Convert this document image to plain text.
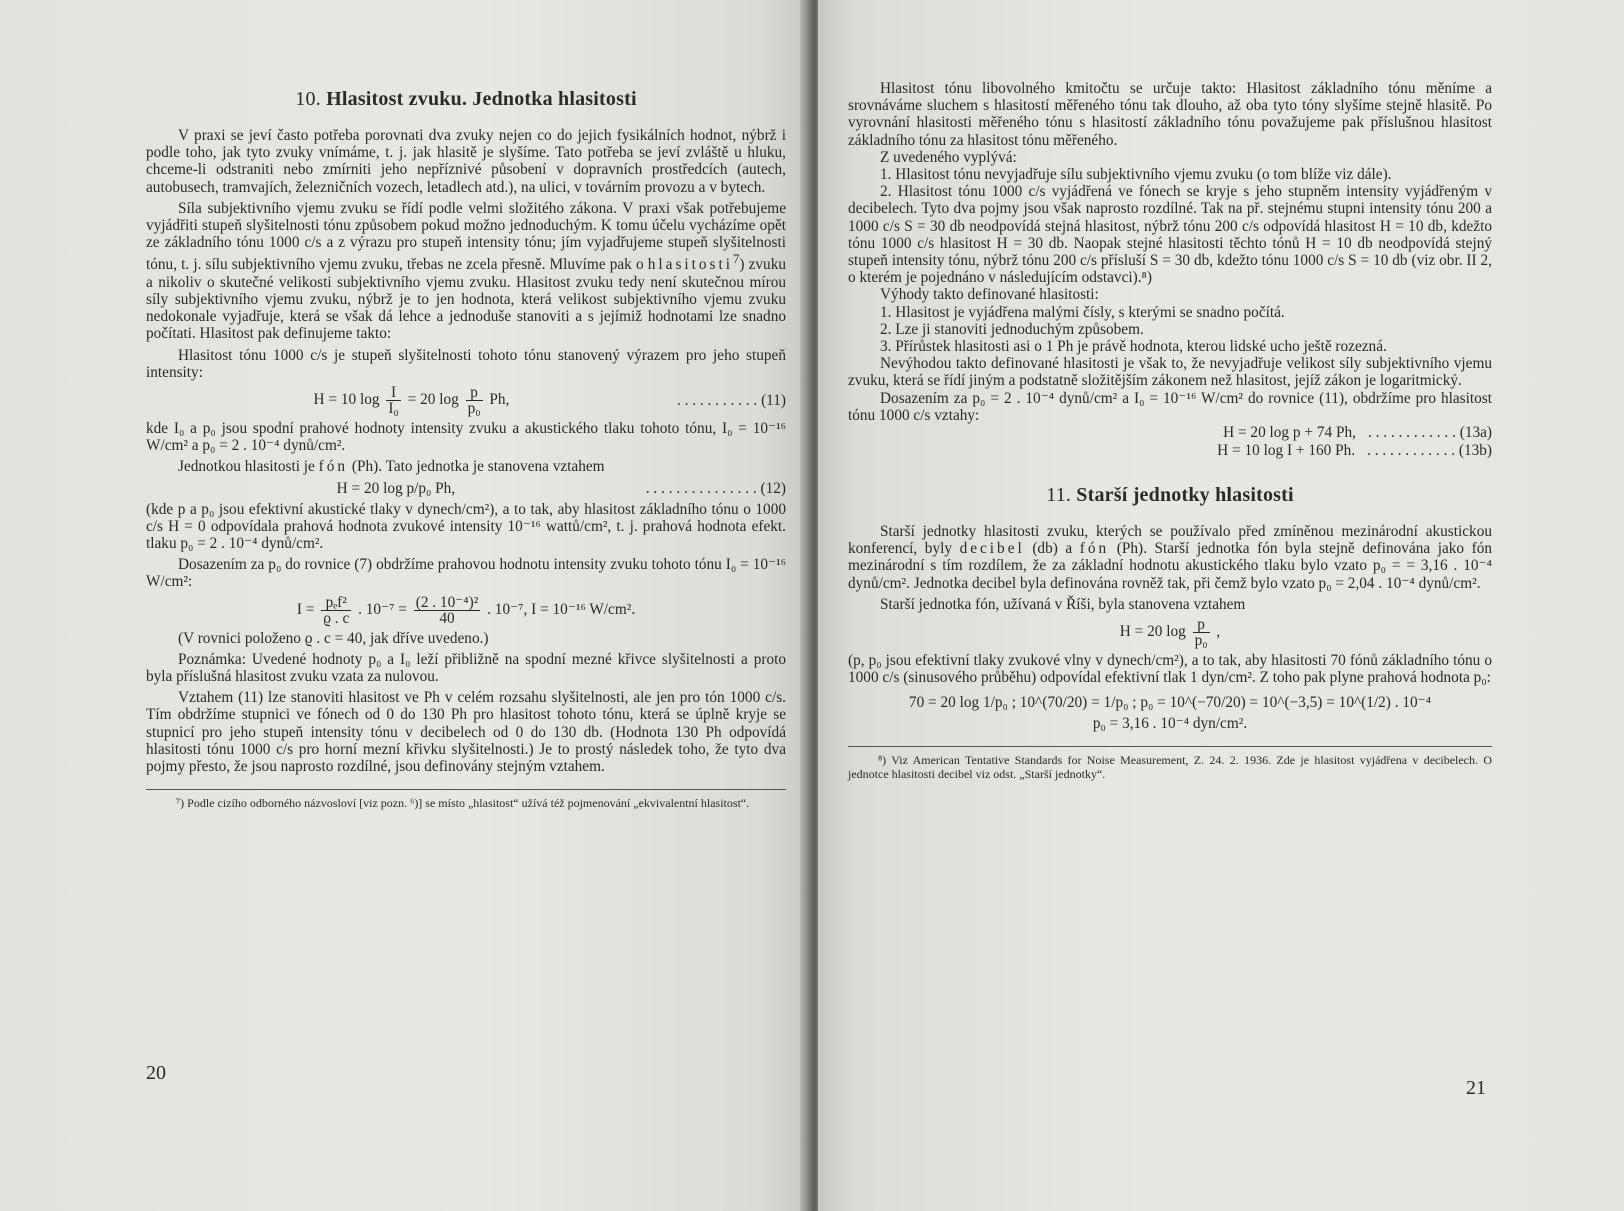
10. Hlasitost zvuku. Jednotka hlasitosti

V praxi se jeví často potřeba porovnati dva zvuky nejen co do jejich fysikálních hodnot, nýbrž i podle toho, jak tyto zvuky vnímáme, t. j. jak hlasitě je slyšíme. Tato potřeba se jeví zvláště u hluku, chceme-li odstraniti nebo zmírniti jeho nepříznivé působení v dopravních prostředcích (autech, autobusech, tramvajích, železničních vozech, letadlech atd.), na ulici, v továrním provozu a v bytech.

Síla subjektivního vjemu zvuku se řídí podle velmi složitého zákona. V praxi však potřebujeme vyjádřiti stupeň slyšitelnosti tónu způsobem pokud možno jednoduchým. K tomu účelu vycházíme opět ze základního tónu 1000 c/s a z výrazu pro stupeň intensity tónu; jím vyjadřujeme stupeň slyšitelnosti tónu, t. j. sílu subjektivního vjemu zvuku, třebas ne zcela přesně. Mluvíme pak o hlasitosti$^7$) zvuku a nikoliv o skutečné velikosti subjektivního vjemu zvuku. Hlasitost zvuku tedy není skutečnou mírou síly subjektivního vjemu zvuku, nýbrž je to jen hodnota, která velikost subjektivního vjemu zvuku nedokonale vyjadřuje, která se však dá lehce a jednoduše stanoviti a s jejímiž hodnotami lze snadno počítati. Hlasitost pak definujeme takto:

Hlasitost tónu 1000 c/s je stupeň slyšitelnosti tohoto tónu stanovený výrazem pro jeho stupeň intensity:

H = 10 $\log \frac{I}{\text{I₀}} = 20$ $\log \frac{p}{\text{p₀}} Ph$,	. . . . . . . . . . . (11)

kde I₀ a p₀ jsou spodní prahové hodnoty intensity zvuku a akustického tlaku tohoto tónu, I₀ = 10⁻¹⁶ W/cm² a p₀ = 2 . 10⁻⁴ dynů/cm².

Jednotkou hlasitosti je fón (Ph). Tato jednotka je stanovena vztahem

H = 20 log p/p₀ Ph,	. . . . . . . . . . . . . . . (12)

(kde p a p₀ jsou efektivní akustické tlaky v dynech/cm²), a to tak, aby hlasitost základního tónu o 1000 c/s H = 0 odpovídala prahová hodnota zvukové intensity 10⁻¹⁶ wattů/cm², t. j. prahová hodnota efekt. tlaku p₀ = 2 . 10⁻⁴ dynů/cm².

Dosazením za p₀ do rovnice (7) obdržíme prahovou hodnotu intensity zvuku tohoto tónu I₀ = 10⁻¹⁶ W/cm²:

$I = \frac{\text{pₑf²}}{ϱ . c}$ . $10^{-7} = \frac{\text{(2 . 10⁻⁴)²}}{40}$ . 10⁻⁷, I = 10⁻¹⁶ W/cm².

(V rovnici položeno ϱ . c = 40, jak dříve uvedeno.)

Poznámka: Uvedené hodnoty p₀ a I₀ leží přibližně na spodní mezné křivce slyšitelnosti a proto byla příslušná hlasitost zvuku vzata za nulovou.

Vztahem (11) lze stanoviti hlasitost ve Ph v celém rozsahu slyšitelnosti, ale jen pro tón 1000 c/s. Tím obdržíme stupnici ve fónech od 0 do 130 Ph pro hlasitost tohoto tónu, která se úplně kryje se stupnicí pro jeho stupeň intensity tónu v decibelech od 0 do 130 db. (Hodnota 130 Ph odpovídá hlasitosti tónu 1000 c/s pro horní mezní křivku slyšitelnosti.) Je to prostý následek toho, že tyto dva pojmy přesto, že jsou naprosto rozdílné, jsou definovány stejným vztahem.

⁷) Podle cizího odborného názvosloví [viz pozn. ⁶)] se místo „hlasitost“ užívá též pojmenování „ekvivalentní hlasitost“.

20

Hlasitost tónu libovolného kmitočtu se určuje takto: Hlasitost základního tónu měníme a srovnáváme sluchem s hlasitostí měřeného tónu tak dlouho, až oba tyto tóny slyšíme stejně hlasitě. Po vyrovnání hlasitosti měřeného tónu s hlasitostí základního tónu považujeme pak příslušnou hlasitost základního tónu za hlasitost tónu měřeného.

Z uvedeného vyplývá:

1. Hlasitost tónu nevyjadřuje sílu subjektivního vjemu zvuku (o tom blíže viz dále).

2. Hlasitost tónu 1000 c/s vyjádřená ve fónech se kryje s jeho stupněm intensity vyjádřeným v decibelech. Tyto dva pojmy jsou však naprosto rozdílné. Tak na př. stejnému stupni intensity tónu 200 a 1000 c/s S = 30 db neodpovídá stejná hlasitost, nýbrž tónu 200 c/s odpovídá hlasitost H = 10 db, kdežto tónu 1000 c/s hlasitost H = 30 db. Naopak stejné hlasitosti těchto tónů H = 10 db neodpovídá stejný stupeň intensity tónu, nýbrž tónu 200 c/s přísluší S = 30 db, kdežto tónu 1000 c/s S = 10 db (viz obr. II 2, o kterém je pojednáno v následujícím odstavci).⁸)

Výhody takto definované hlasitosti:

1. Hlasitost je vyjádřena malými čísly, s kterými se snadno počítá.

2. Lze ji stanoviti jednoduchým způsobem.

3. Přírůstek hlasitosti asi o 1 Ph je právě hodnota, kterou lidské ucho ještě rozezná.

Nevýhodou takto definované hlasitosti je však to, že nevyjadřuje velikost síly subjektivního vjemu zvuku, která se řídí jiným a podstatně složitějším zákonem než hlasitost, jejíž zákon je logaritmický.

Dosazením za p₀ = 2 . 10⁻⁴ dynů/cm² a I₀ = 10⁻¹⁶ W/cm² do rovnice (11), obdržíme pro hlasitost tónu 1000 c/s vztahy:

H = 20 log p + 74 Ph, . . . . . . . . . . . . (13a)
H = 10 log I + 160 Ph. . . . . . . . . . . . . (13b)
11. Starší jednotky hlasitosti

Starší jednotky hlasitosti zvuku, kterých se používalo před zmíněnou mezinárodní akustickou konferencí, byly decibel (db) a fón (Ph). Starší jednotka fón byla stejně definována jako fón mezinárodní s tím rozdílem, že za základní hodnotu akustického tlaku bylo vzato p₀ = = 3,16 . 10⁻⁴ dynů/cm². Jednotka decibel byla definována rovněž tak, při čemž bylo vzato p₀ = 2,04 . 10⁻⁴ dynů/cm².

Starší jednotka fón, užívaná v Říši, byla stanovena vztahem

H = 20 $\log \frac{p}{\text{p₀}}$ ,

(p, p₀ jsou efektivní tlaky zvukové vlny v dynech/cm²), a to tak, aby hlasitosti 70 fónů základního tónu o 1000 c/s (sinusového průběhu) odpovídal efektivní tlak 1 dyn/cm². Z toho pak plyne prahová hodnota p₀:

70 = 20 log 1/p₀ ; 10^(70/20) = 1/p₀ ; p₀ = 10^(−70/20) = 10^(−3,5) = 10^(1/2) . 10⁻⁴
p₀ = 3,16 . 10⁻⁴ dyn/cm².

⁸) Viz American Tentative Standards for Noise Measurement, Z. 24. 2. 1936. Zde je hlasitost vyjádřena v decibelech. O jednotce hlasitosti decibel viz odst. „Starší jednotky“.

21
